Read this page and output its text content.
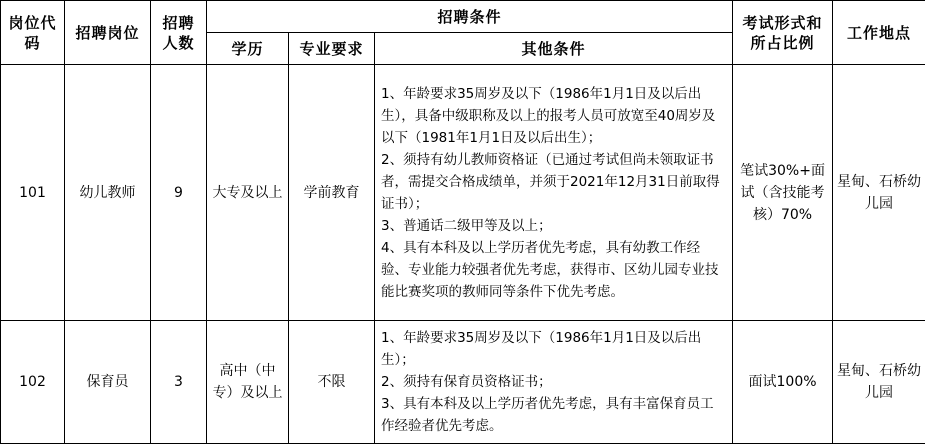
岗位代码	招聘岗位	招聘人数	招聘条件			考试形式和所占比例	工作地点
			学历	专业要求	其他条件		
101	幼儿教师	9	大专及以上	学前教育	1、年龄要求35周岁及以下（1986年1月1日及以后出生），具备中级职称及以上的报考人员可放宽至40周岁及以下（1981年1月1日及以后出生）；
2、须持有幼儿教师资格证（已通过考试但尚未领取证书者，需提交合格成绩单，并须于2021年12月31日前取得证书）；
3、普通话二级甲等及以上；
4、具有本科及以上学历者优先考虑，具有幼教工作经验、专业能力较强者优先考虑，获得市、区幼儿园专业技能比赛奖项的教师同等条件下优先考虑。	笔试30%+面试（含技能考核）70%	星甸、石桥幼儿园
102	保育员	3	高中（中专）及以上	不限	1、年龄要求35周岁及以下（1986年1月1日及以后出生）；
2、须持有保育员资格证书；
3、具有本科及以上学历者优先考虑，具有丰富保育员工作经验者优先考虑。	面试100%	星甸、石桥幼儿园
